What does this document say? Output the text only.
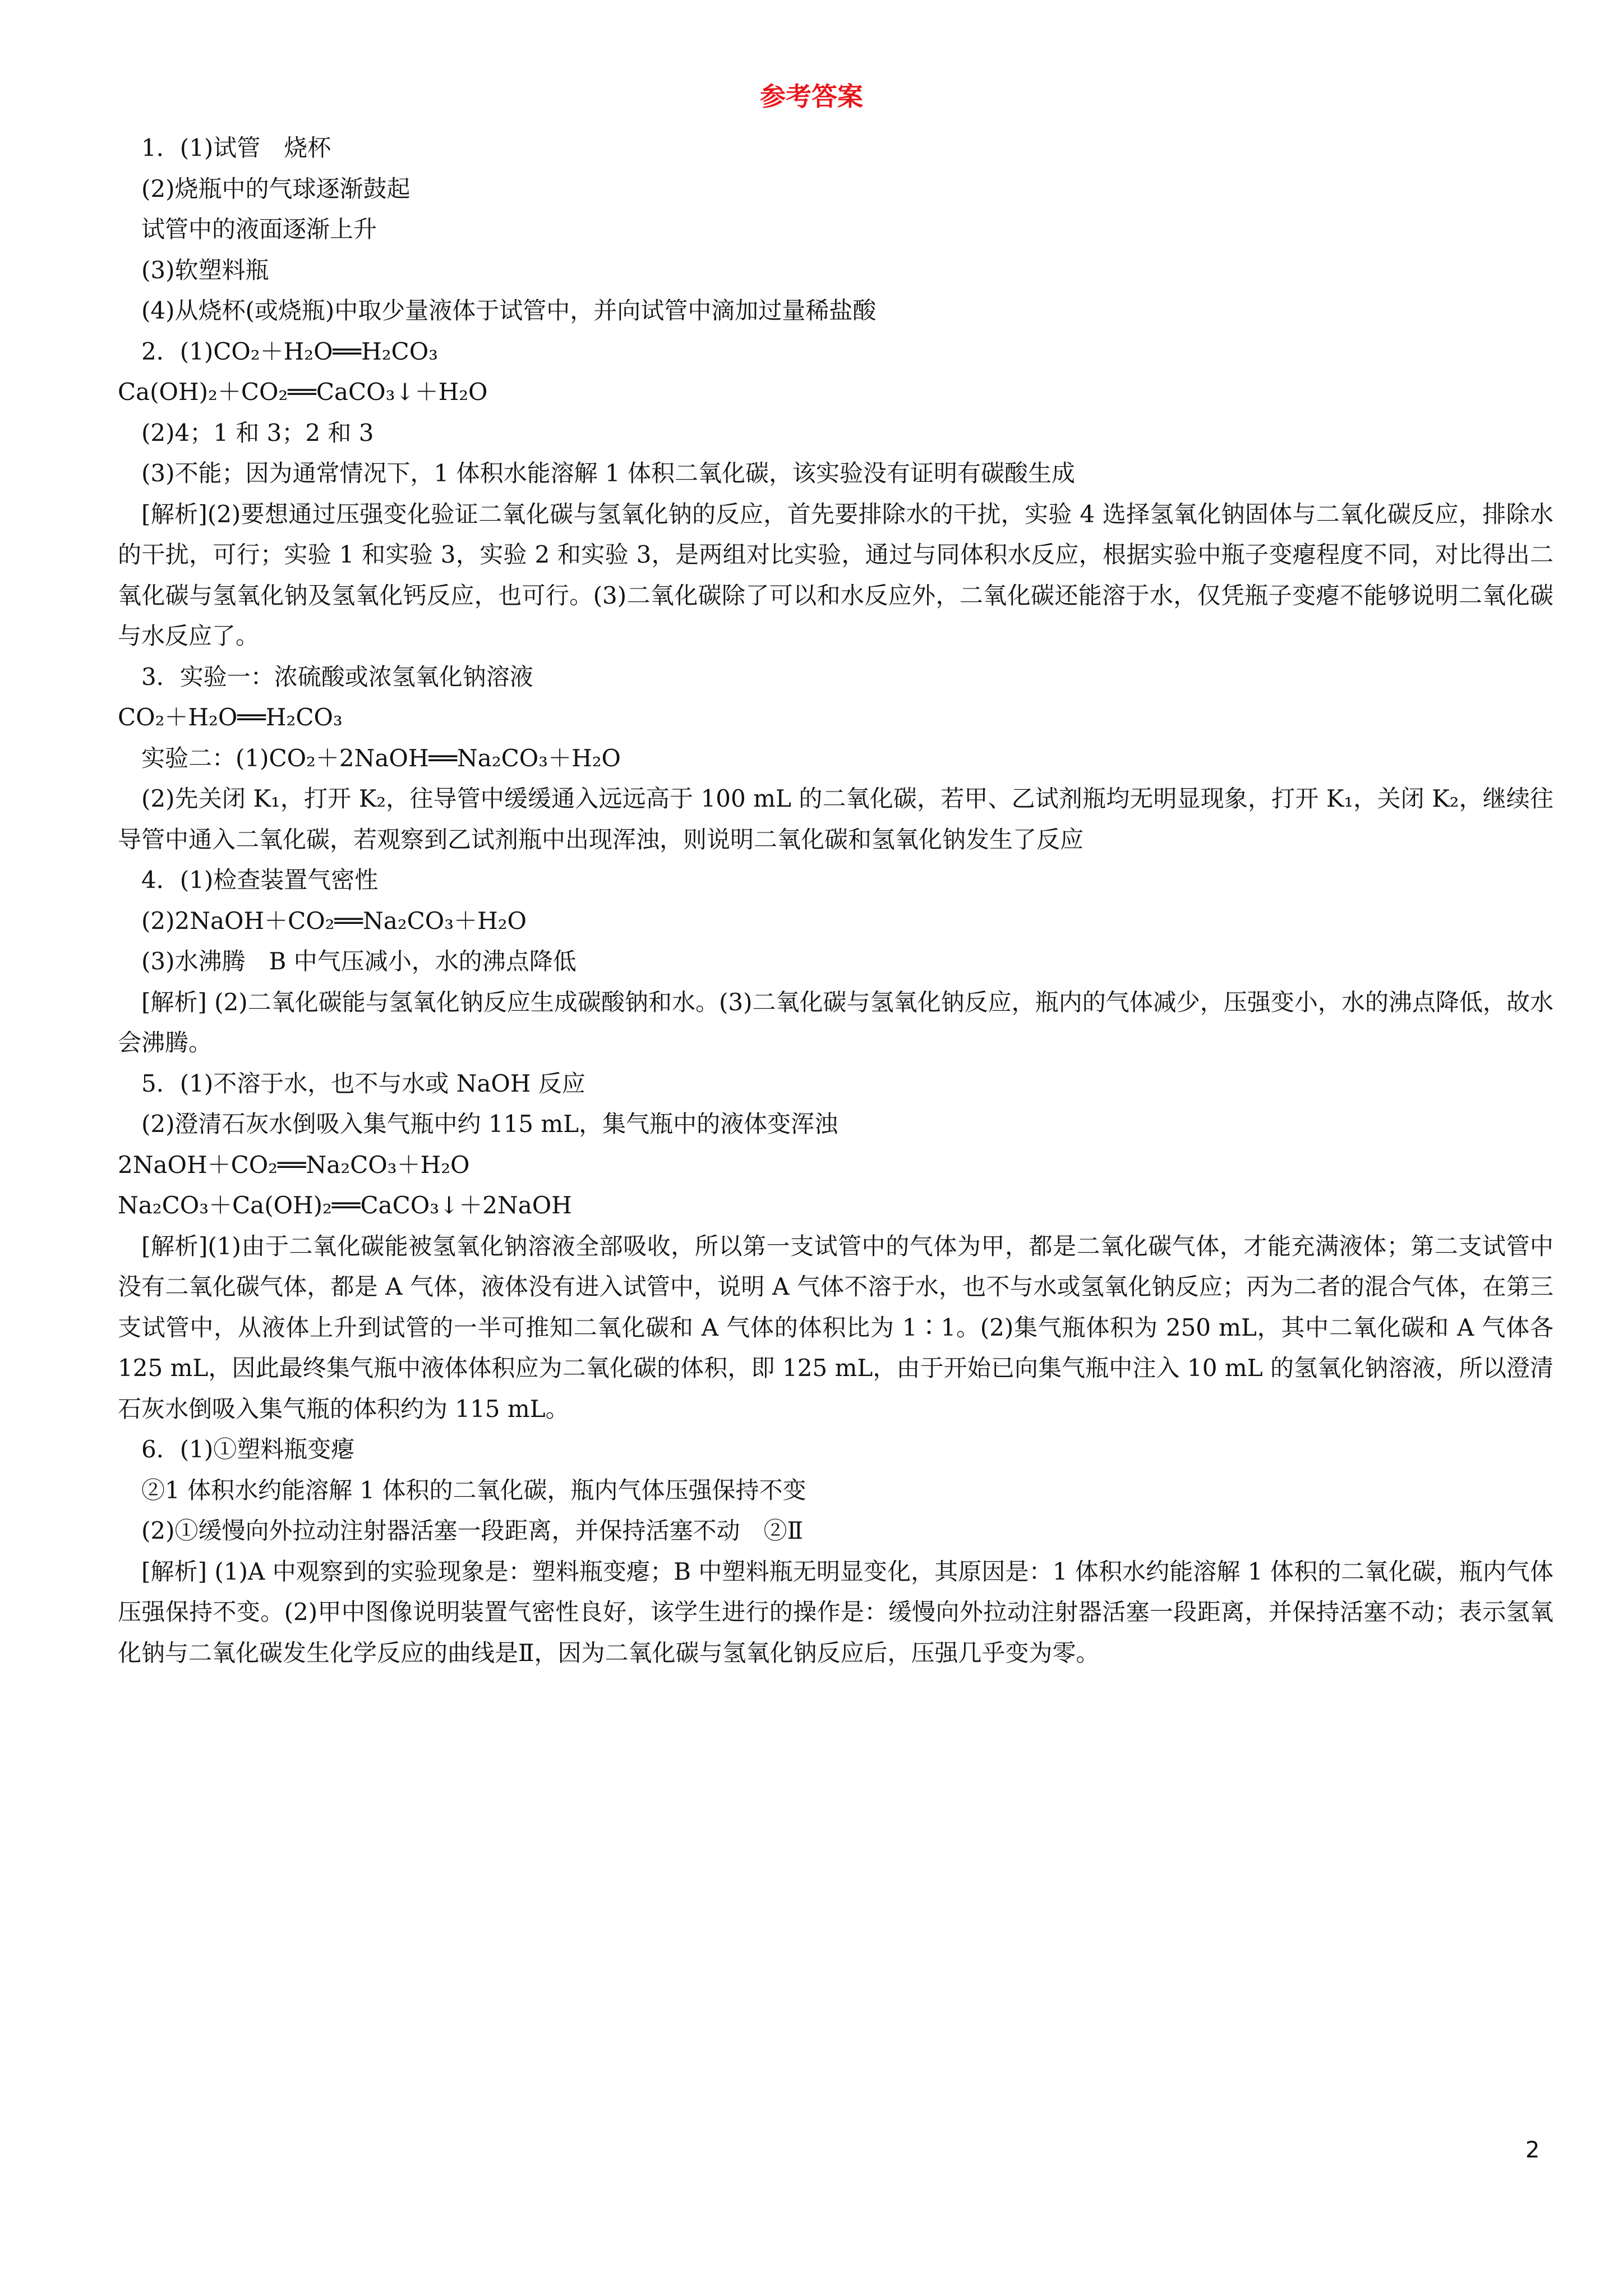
参考答案
1．(1)试管　烧杯
(2)烧瓶中的气球逐渐鼓起
试管中的液面逐渐上升
(3)软塑料瓶
(4)从烧杯(或烧瓶)中取少量液体于试管中，并向试管中滴加过量稀盐酸
2．(1)CO₂＋H₂O══H₂CO₃
Ca(OH)₂＋CO₂══CaCO₃↓＋H₂O
(2)4；1 和 3；2 和 3
(3)不能；因为通常情况下，1 体积水能溶解 1 体积二氧化碳，该实验没有证明有碳酸生成
[解析](2)要想通过压强变化验证二氧化碳与氢氧化钠的反应，首先要排除水的干扰，实验 4 选择氢氧化钠固体与二氧化碳反应，排除水的干扰，可行；实验 1 和实验 3，实验 2 和实验 3，是两组对比实验，通过与同体积水反应，根据实验中瓶子变瘪程度不同，对比得出二氧化碳与氢氧化钠及氢氧化钙反应，也可行。(3)二氧化碳除了可以和水反应外，二氧化碳还能溶于水，仅凭瓶子变瘪不能够说明二氧化碳与水反应了。
3．实验一：浓硫酸或浓氢氧化钠溶液
CO₂＋H₂O══H₂CO₃
实验二：(1)CO₂＋2NaOH══Na₂CO₃＋H₂O
(2)先关闭 K₁，打开 K₂，往导管中缓缓通入远远高于 100 mL 的二氧化碳，若甲、乙试剂瓶均无明显现象，打开 K₁，关闭 K₂，继续往导管中通入二氧化碳，若观察到乙试剂瓶中出现浑浊，则说明二氧化碳和氢氧化钠发生了反应
4．(1)检查装置气密性
(2)2NaOH＋CO₂══Na₂CO₃＋H₂O
(3)水沸腾　B 中气压减小，水的沸点降低
[解析] (2)二氧化碳能与氢氧化钠反应生成碳酸钠和水。(3)二氧化碳与氢氧化钠反应，瓶内的气体减少，压强变小，水的沸点降低，故水会沸腾。
5．(1)不溶于水，也不与水或 NaOH 反应
(2)澄清石灰水倒吸入集气瓶中约 115 mL，集气瓶中的液体变浑浊
2NaOH＋CO₂══Na₂CO₃＋H₂O
Na₂CO₃＋Ca(OH)₂══CaCO₃↓＋2NaOH
[解析](1)由于二氧化碳能被氢氧化钠溶液全部吸收，所以第一支试管中的气体为甲，都是二氧化碳气体，才能充满液体；第二支试管中没有二氧化碳气体，都是 A 气体，液体没有进入试管中，说明 A 气体不溶于水，也不与水或氢氧化钠反应；丙为二者的混合气体，在第三支试管中，从液体上升到试管的一半可推知二氧化碳和 A 气体的体积比为 1∶1。(2)集气瓶体积为 250 mL，其中二氧化碳和 A 气体各 125 mL，因此最终集气瓶中液体体积应为二氧化碳的体积，即 125 mL，由于开始已向集气瓶中注入 10 mL 的氢氧化钠溶液，所以澄清石灰水倒吸入集气瓶的体积约为 115 mL。
6．(1)①塑料瓶变瘪
②1 体积水约能溶解 1 体积的二氧化碳，瓶内气体压强保持不变
(2)①缓慢向外拉动注射器活塞一段距离，并保持活塞不动　②Ⅱ
[解析] (1)A 中观察到的实验现象是：塑料瓶变瘪；B 中塑料瓶无明显变化，其原因是：1 体积水约能溶解 1 体积的二氧化碳，瓶内气体压强保持不变。(2)甲中图像说明装置气密性良好，该学生进行的操作是：缓慢向外拉动注射器活塞一段距离，并保持活塞不动；表示氢氧化钠与二氧化碳发生化学反应的曲线是Ⅱ，因为二氧化碳与氢氧化钠反应后，压强几乎变为零。
2
